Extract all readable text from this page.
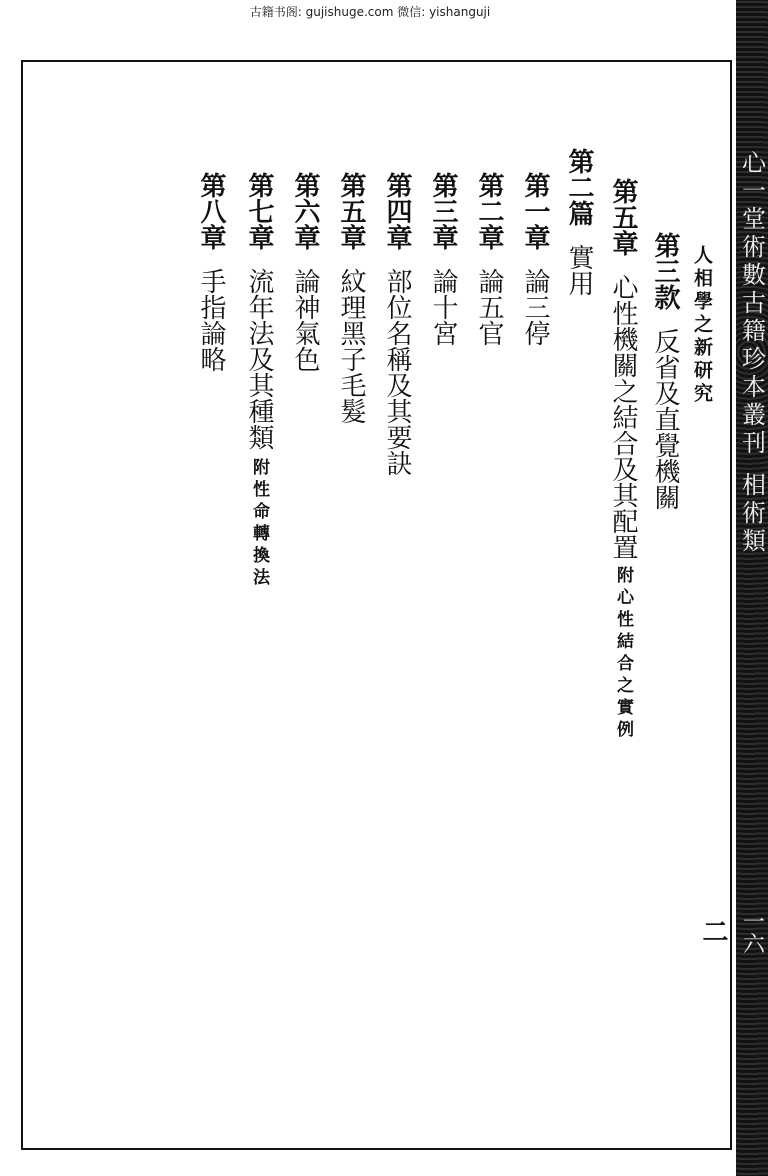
古籍书阁: gujishuge.com 微信: yishanguji
人相學之新研究
第三款反省及直覺機關
第五章心性機關之結合及其配置附心性結合之實例
第二篇實用
第一章論三停
第二章論五官
第三章論十宮
第四章部位名稱及其要訣
第五章紋理黑子毛髮
第六章論神氣色
第七章流年法及其種類附性命轉換法
第八章手指論略
二
心一堂術數古籍珍本叢刊
相術類
一六
